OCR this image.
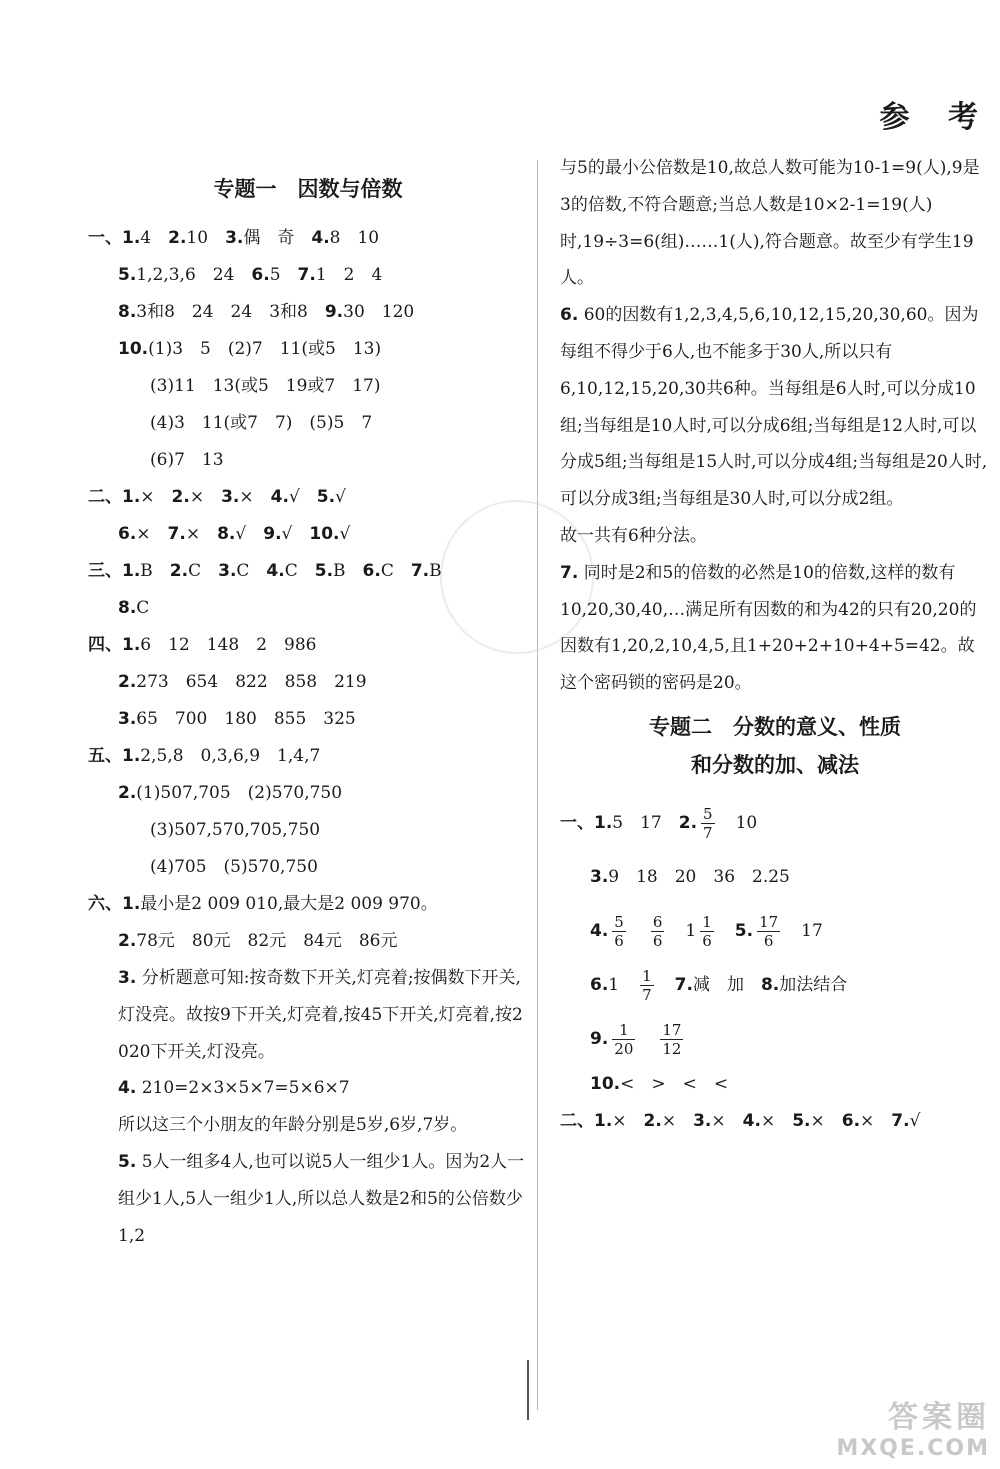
参 考
专题一　因数与倍数
一、1.4　2.10　3.偶　奇　4.8　10
5.1,2,3,6　24　6.5　7.1　2　4
8.3和8　24　24　3和8　9.30　120
10.(1)3　5　(2)7　11(或5　13)
(3)11　13(或5　19或7　17)
(4)3　11(或7　7)　(5)5　7
(6)7　13
二、1.×　2.×　3.×　4.√　5.√
6.×　7.×　8.√　9.√　10.√
三、1.B　2.C　3.C　4.C　5.B　6.C　7.B
8.C
四、1.6　12　148　2　986
2.273　654　822　858　219
3.65　700　180　855　325
五、1.2,5,8　0,3,6,9　1,4,7
2.(1)507,705　(2)570,750
(3)507,570,705,750
(4)705　(5)570,750
六、1.最小是2 009 010,最大是2 009 970。
2.78元　80元　82元　84元　86元
3. 分析题意可知:按奇数下开关,灯亮着;按偶数下开关,灯没亮。故按9下开关,灯亮着,按45下开关,灯亮着,按2 020下开关,灯没亮。
4. 210=2×3×5×7=5×6×7
所以这三个小朋友的年龄分别是5岁,6岁,7岁。
5. 5人一组多4人,也可以说5人一组少1人。因为2人一组少1人,5人一组少1人,所以总人数是2和5的公倍数少1,2
与5的最小公倍数是10,故总人数可能为10-1=9(人),9是3的倍数,不符合题意;当总人数是10×2-1=19(人)时,19÷3=6(组)……1(人),符合题意。故至少有学生19人。
6. 60的因数有1,2,3,4,5,6,10,12,15,20,30,60。因为每组不得少于6人,也不能多于30人,所以只有6,10,12,15,20,30共6种。当每组是6人时,可以分成10组;当每组是10人时,可以分成6组;当每组是12人时,可以分成5组;当每组是15人时,可以分成4组;当每组是20人时,可以分成3组;当每组是30人时,可以分成2组。
故一共有6种分法。
7. 同时是2和5的倍数的必然是10的倍数,这样的数有10,20,30,40,…满足所有因数的和为42的只有20,20的因数有1,20,2,10,4,5,且1+20+2+10+4+5=42。故这个密码锁的密码是20。
专题二　分数的意义、性质
和分数的加、减法
一、1.5　17　2. $\frac{5}{7}$ 　10
3.9　18　20　36　2.25
4. $\frac{5}{6}$
　 $\frac{6}{6}$
　 $1 \frac{1}{6}$
　 5. $\frac{17}{6}$
　 17
6.1　 $\frac{1}{7}$
　 7.减　加　8.加法结合
9. $\frac{1}{20}$
　 $\frac{17}{12}$
10.<　>　<　<
二、1.×　2.×　3.×　4.×　5.×　6.×　7.√
答案圈
MXQE.COM
